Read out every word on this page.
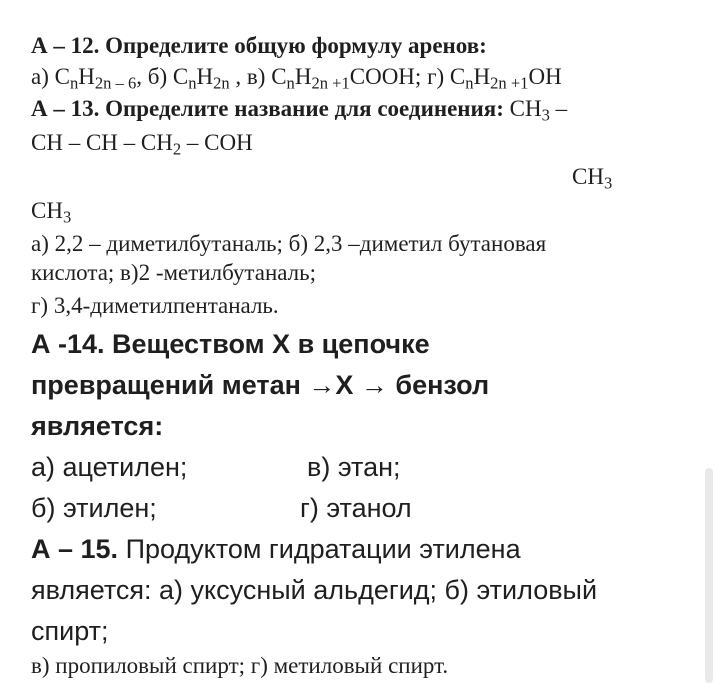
А – 12. Определите общую формулу аренов:
а) $C_nH_{2n - 6}$, б) $C_nH_{2n}$ , в) $C_nH_{2n +1}COOH$; г) $C_nH_{2n +1}OH$
А – 13. Определите название для соединения: $CH_3$ –
CH – CH – $CH_2$ – COH
$CH_3$
$CH_3$
а) 2,2 – диметилбутаналь; б) 2,3 –диметил бутановая
кислота; в)2 -метилбутаналь;
г) 3,4-диметилпентаналь.
А -14. Веществом Х в цепочке
превращений метан →Х → бензол
является:
а) ацетилен;	в) этан;
б) этилен;	г) этанол
А – 15. Продуктом гидратации этилена
является: а) уксусный альдегид; б) этиловый
спирт;
в) пропиловый спирт; г) метиловый спирт.
